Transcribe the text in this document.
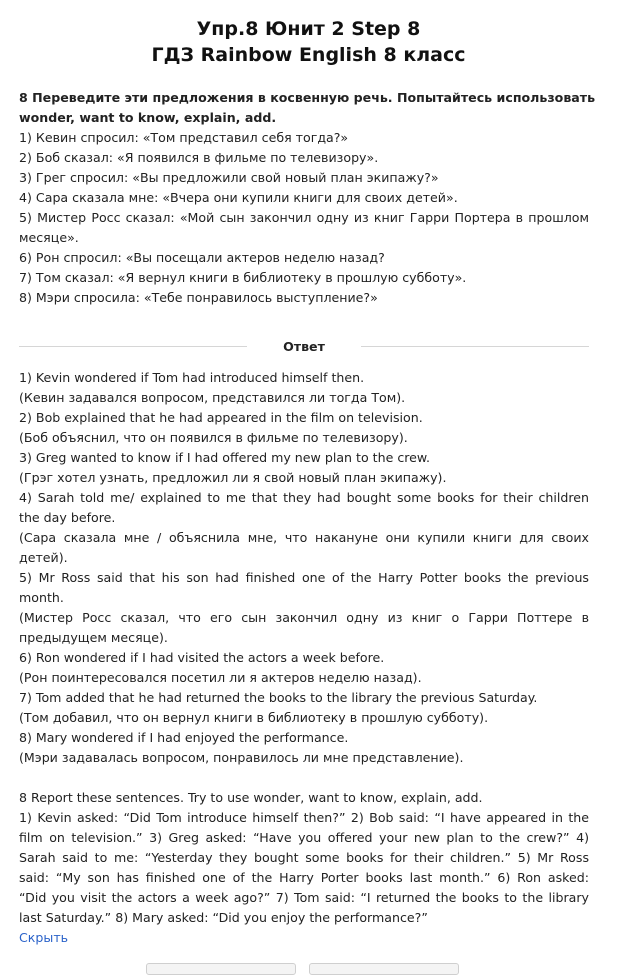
Упр.8 Юнит 2 Step 8
ГДЗ Rainbow English 8 класс
8 Переведите эти предложения в косвенную речь. Попытайтесь использовать
wonder, want to know, explain, add.
1) Кевин спросил: «Том представил себя тогда?»
2) Боб сказал: «Я появился в фильме по телевизору».
3) Грег спросил: «Вы предложили свой новый план экипажу?»
4) Сара сказала мне: «Вчера они купили книги для своих детей».
5) Мистер Росс сказал: «Мой сын закончил одну из книг Гарри Портера в прошлом
месяце».
6) Рон спросил: «Вы посещали актеров неделю назад?
7) Том сказал: «Я вернул книги в библиотеку в прошлую субботу».
8) Мэри спросила: «Тебе понравилось выступление?»
Ответ
1) Kevin wondered if Tom had introduced himself then.
(Кевин задавался вопросом, представился ли тогда Том).
2) Bob explained that he had appeared in the film on television.
(Боб объяснил, что он появился в фильме по телевизору).
3) Greg wanted to know if I had offered my new plan to the crew.
(Грэг хотел узнать, предложил ли я свой новый план экипажу).
4) Sarah told me/ explained to me that they had bought some books for their children
the day before.
(Сара сказала мне / объяснила мне, что накануне они купили книги для своих
детей).
5) Mr Ross said that his son had finished one of the Harry Potter books the previous
month.
(Мистер Росс сказал, что его сын закончил одну из книг о Гарри Поттере в
предыдущем месяце).
6) Ron wondered if I had visited the actors a week before.
(Рон поинтересовался посетил ли я актеров неделю назад).
7) Tom added that he had returned the books to the library the previous Saturday.
(Том добавил, что он вернул книги в библиотеку в прошлую субботу).
8) Mary wondered if I had enjoyed the performance.
(Мэри задавалась вопросом, понравилось ли мне представление).
8 Report these sentences. Try to use wonder, want to know, explain, add.
1) Kevin asked: “Did Tom introduce himself then?” 2) Bob said: “I have appeared in the
film on television.” 3) Greg asked: “Have you offered your new plan to the crew?” 4)
Sarah said to me: “Yesterday they bought some books for their children.” 5) Mr Ross
said: “My son has finished one of the Harry Porter books last month.” 6) Ron asked:
“Did you visit the actors a week ago?” 7) Tom said: “I returned the books to the library
last Saturday.” 8) Mary asked: “Did you enjoy the performance?”
Скрыть
